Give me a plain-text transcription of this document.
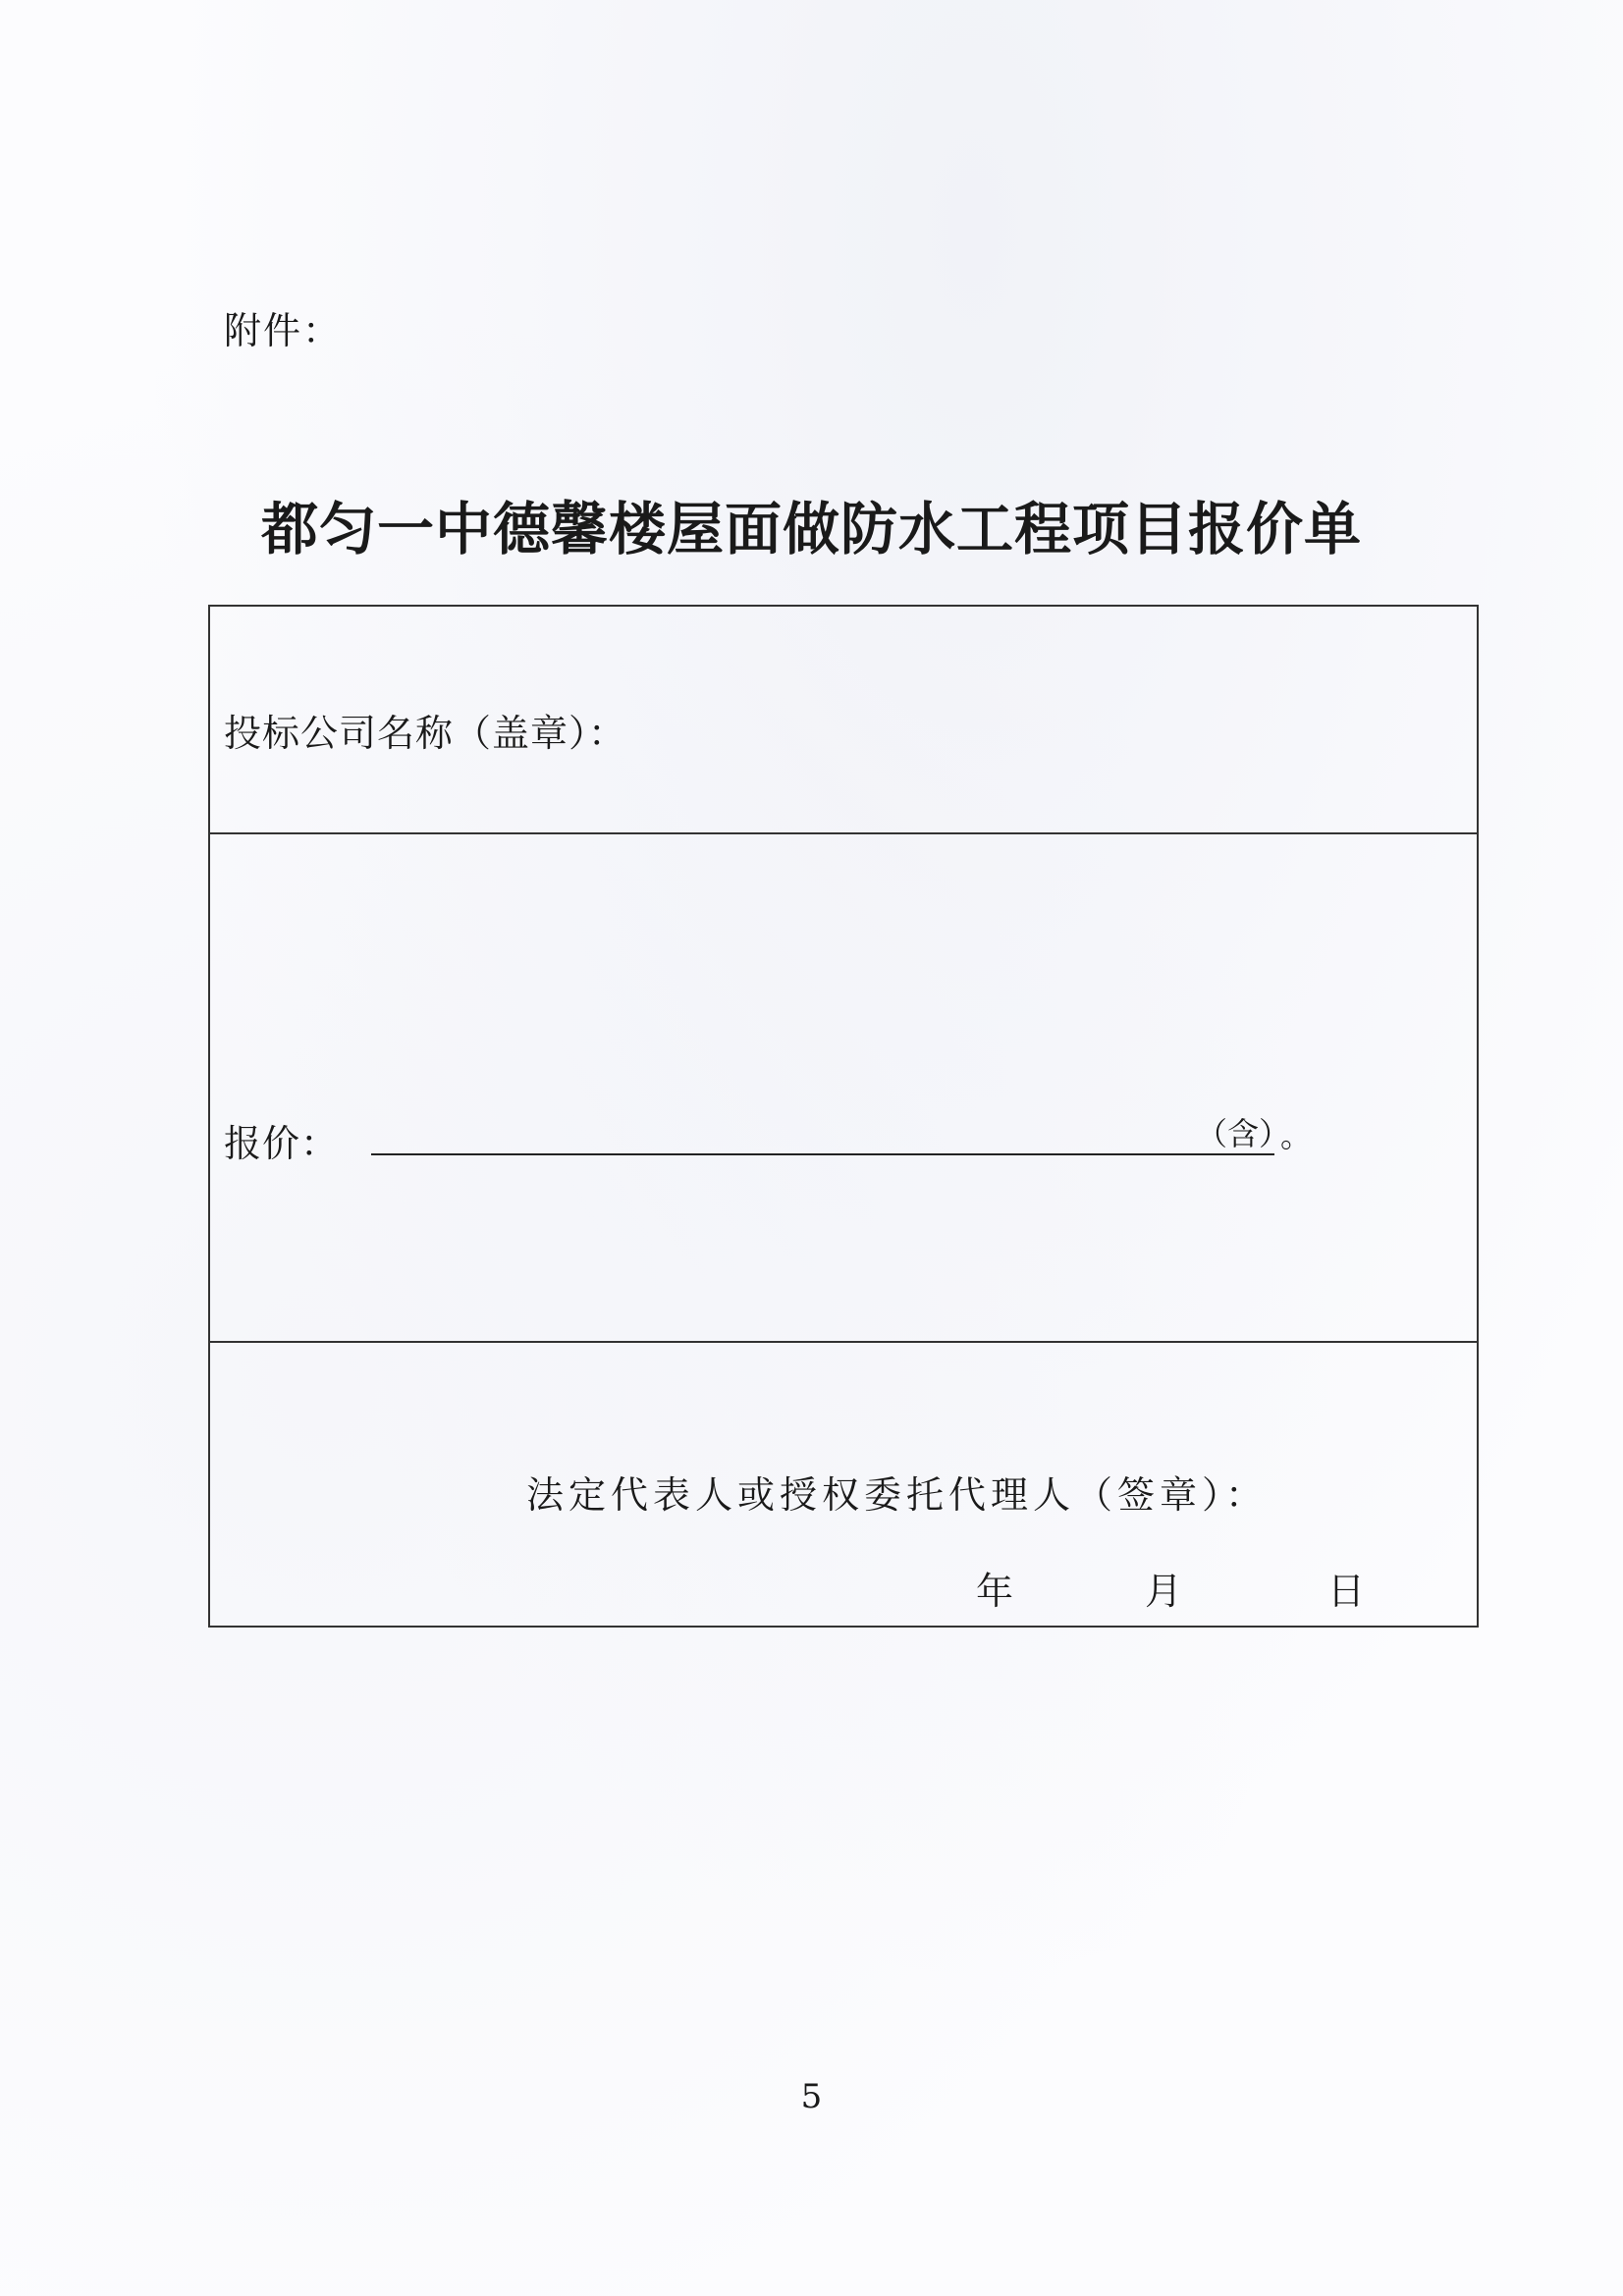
附件：
都匀一中德馨楼屋面做防水工程项目报价单
投标公司名称（盖章）：
报价：	（含）
。
法定代表人或授权委托代理人（签章）：
年	月	日
5
